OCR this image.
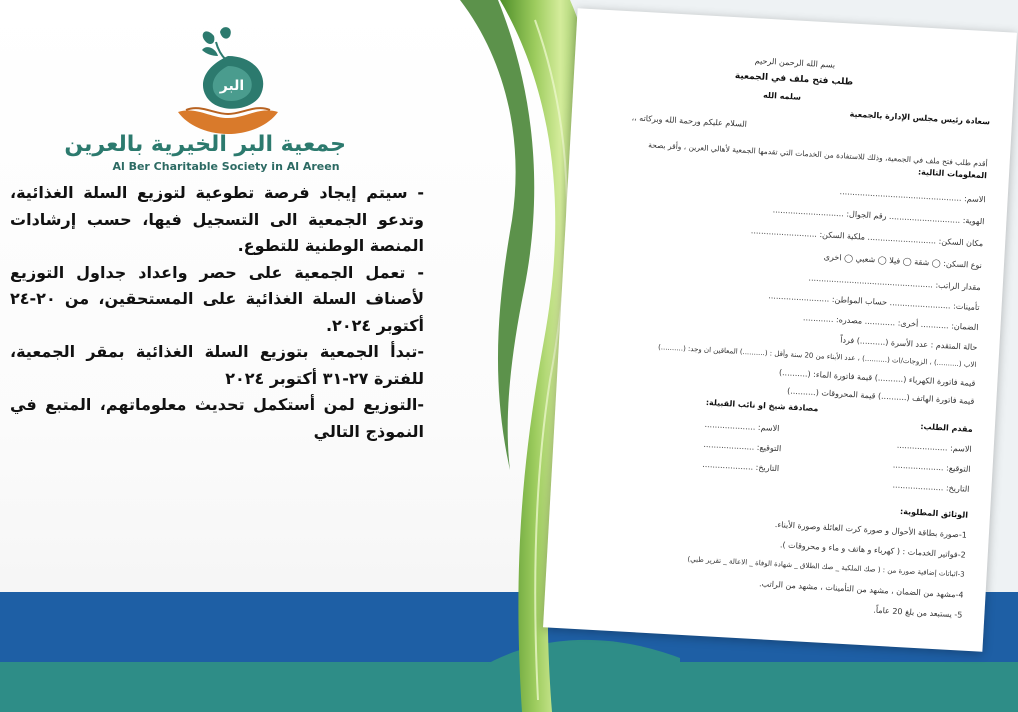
البر
جمعية البر الخيرية بالعرين
Al Ber Charitable Society in Al Areen

- سيتم إيجاد فرصة تطوعية لتوزيع السلة الغذائية، وتدعو الجمعية الى التسجيل فيها، حسب إرشادات المنصة الوطنية للتطوع.

- تعمل الجمعية على حصر واعداد جداول التوزيع لأصناف السلة الغذائية على المستحقين، من ٢٠-٢٤ أكتوبر ٢٠٢٤.

-تبدأ الجمعية بتوزيع السلة الغذائية بمقر الجمعية، للفترة ٢٧-٣١ أكتوبر ٢٠٢٤

-التوزيع لمن أستكمل تحديث معلوماتهم، المتبع في النموذج التالي

بسم الله الرحمن الرحيم
طلب فتح ملف في الجمعية
سعادة رئيس مجلس الإدارة بالجمعية
سلمه الله
السلام عليكم ورحمة الله وبركاته ،،
أقدم طلب فتح ملف في الجمعية، وذلك للاستفادة من الخدمات التي تقدمها الجمعية لأهالي العرين ، وأقر بصحة
المعلومات التالية:
الاسم: ................................................
الهوية: ............................ رقم الجوال: ............................
مكان السكن: ........................... ملكية السكن: ..........................
نوع السكن: ◯ شقة ◯ فيلا ◯ شعبي ◯ اخرى
مقدار الراتب: .................................................
تأمينات: ........................ حساب المواطن: ........................
الضمان: ........... أخرى: ............ مصدره: ............
حالة المتقدم : عدد الأسرة (..........) فرداً
الاب (..........) ، الزوجات/ات (..........) ، عدد الأبناء من 20 سنة وأقل : (..........) المعاقين ان وجد: (..........)
قيمة فاتورة الكهرباء (..........) قيمة فاتورة الماء: (..........)
قيمة فاتورة الهاتف (..........) قيمة المحروقات (..........)
مقدم الطلب:
مصادقة شيخ او نائب القبيلة:
الاسم: ....................
التوقيع: ....................
التاريخ: ....................
الاسم: ....................
التوقيع: ....................
التاريخ: ....................
الوثائق المطلوبة:
1-صورة بطاقة الأحوال و صورة كرت العائلة وصورة الأبناء.
2-فواتير الخدمات : ( كهرباء و هاتف و ماء و محروقات ).
3-اثباتات إضافية صورة من : ( صك الملكية _ صك الطلاق _ شهادة الوفاة _ الاعالة _ تقرير طبي)
4-مشهد من الضمان ، مشهد من التأمينات ، مشهد من الراتب.
5- يستبعد من بلغ 20 عاماً.
